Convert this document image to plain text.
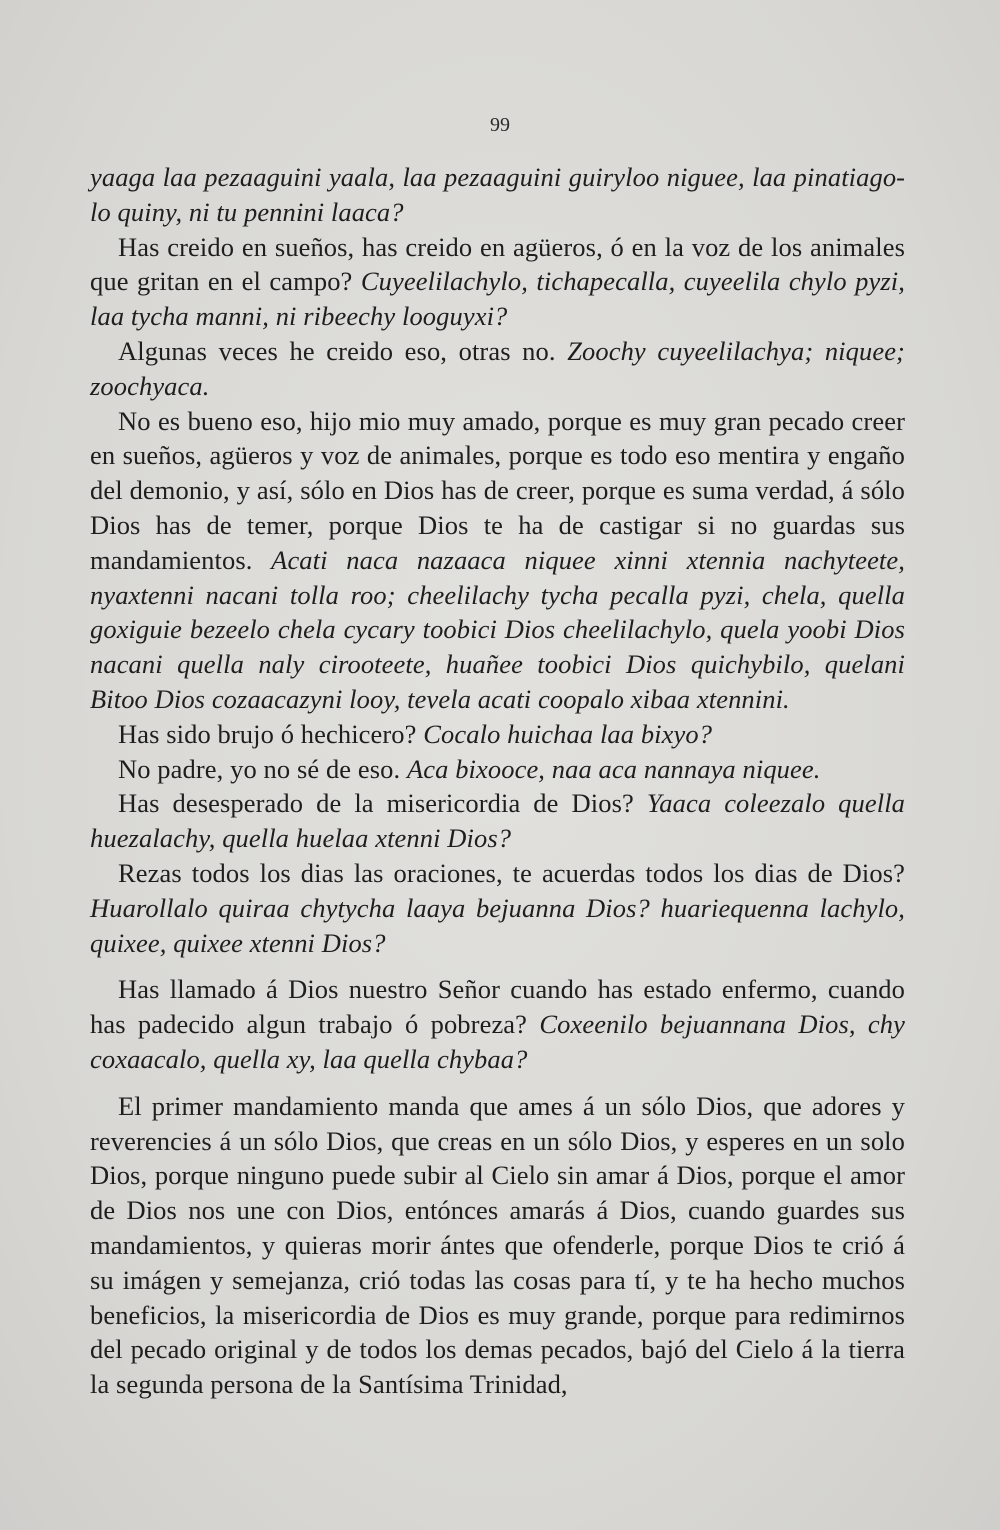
99

yaaga laa pezaaguini yaala, laa pezaaguini guiryloo niguee, laa pinatiagolo quiny, ni tu pennini laaca?

Has creido en sueños, has creido en agüeros, ó en la voz de los animales que gritan en el campo? Cuyeelilachylo, tichapecalla, cuyeelila chylo pyzi, laa tycha manni, ni ribeechy looguyxi?

Algunas veces he creido eso, otras no. Zoochy cuyeelilachya; niquee; zoochyaca.

No es bueno eso, hijo mio muy amado, porque es muy gran pecado creer en sueños, agüeros y voz de animales, porque es todo eso mentira y engaño del demonio, y así, sólo en Dios has de creer, porque es suma verdad, á sólo Dios has de temer, porque Dios te ha de castigar si no guardas sus mandamientos. Acati naca nazaaca niquee xinni xtennia nachyteete, nyaxtenni nacani tolla roo; cheelilachy tycha pecalla pyzi, chela, quella goxiguie bezeelo chela cycary toobici Dios cheelilachylo, quela yoobi Dios nacani quella naly cirooteete, huañee toobici Dios quichybilo, quelani Bitoo Dios cozaacazyni looy, tevela acati coopalo xibaa xtennini.

Has sido brujo ó hechicero? Cocalo huichaa laa bixyo?

No padre, yo no sé de eso. Aca bixooce, naa aca nannaya niquee.

Has desesperado de la misericordia de Dios? Yaaca coleezalo quella huezalachy, quella huelaa xtenni Dios?

Rezas todos los dias las oraciones, te acuerdas todos los dias de Dios? Huarollalo quiraa chytycha laaya bejuanna Dios? huariequenna lachylo, quixee, quixee xtenni Dios?

Has llamado á Dios nuestro Señor cuando has estado enfermo, cuando has padecido algun trabajo ó pobreza? Coxeenilo bejuannana Dios, chy coxaacalo, quella xy, laa quella chybaa?

El primer mandamiento manda que ames á un sólo Dios, que adores y reverencies á un sólo Dios, que creas en un sólo Dios, y esperes en un solo Dios, porque ninguno puede subir al Cielo sin amar á Dios, porque el amor de Dios nos une con Dios, entónces amarás á Dios, cuando guardes sus mandamientos, y quieras morir ántes que ofenderle, porque Dios te crió á su imágen y semejanza, crió todas las cosas para tí, y te ha hecho muchos beneficios, la misericordia de Dios es muy grande, porque para redimirnos del pecado original y de todos los demas pecados, bajó del Cielo á la tierra la segunda persona de la Santísima Trinidad,
